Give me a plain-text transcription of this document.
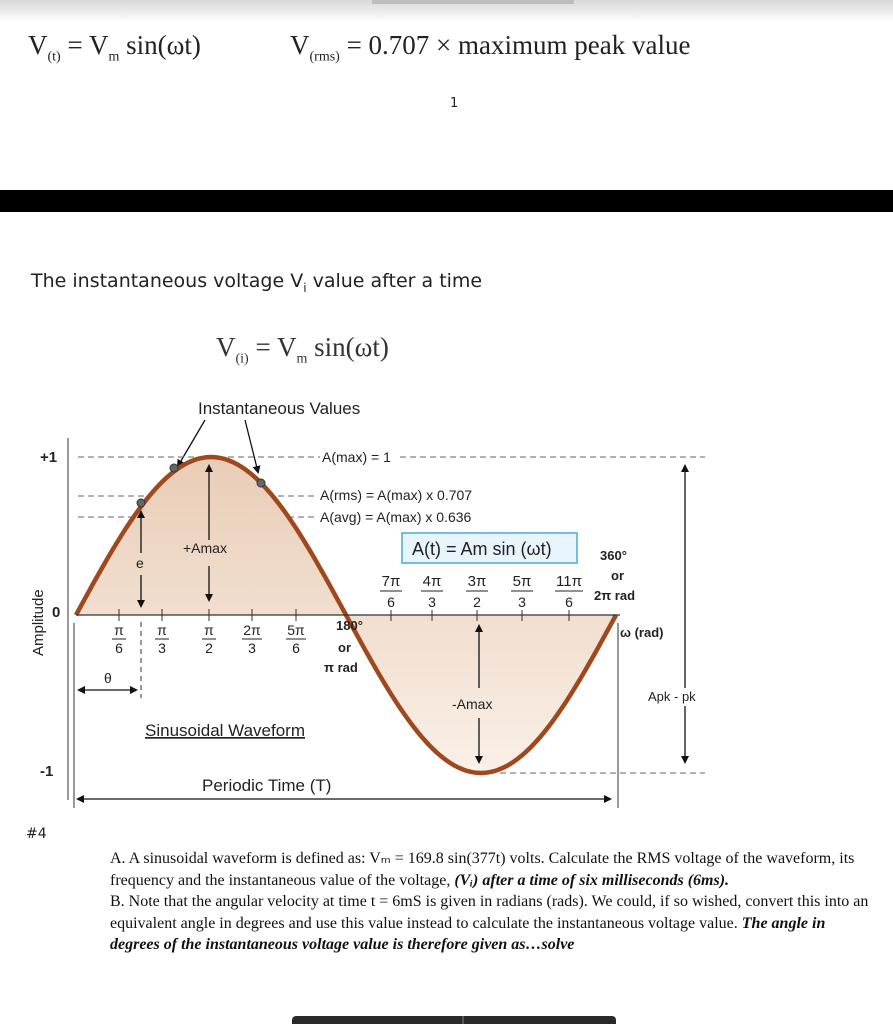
$V_{(t)} = V_m$ sin(ωt)	$V_{(rms)} = 0.707$ × maximum peak value
1
The instantaneous voltage $V_i$ value after a time
$V_{(i)} = V_m$ sin(ωt)
Instantaneous Values
+1
0
-1
Amplitude
A(max) = 1
A(rms) = A(max) x 0.707
A(avg) = A(max) x 0.636
A(t) = Am sin (ωt)
+Amax
e
π
6
π
3
π
2
2π
3
5π
6
180°
or
π rad
7π
6
4π
3
3π
2
5π
3
11π
6
360°
or
2π rad
ω (rad)
-Amax
θ
Apk - pk
Sinusoidal Waveform
Periodic Time (T)
#4

A. A sinusoidal waveform is defined as: Vₘ = 169.8 sin(377t) volts. Calculate the RMS voltage of the waveform, its frequency and the instantaneous value of the voltage, (Vᵢ) after a time of six milliseconds (6ms).

B. Note that the angular velocity at time t = 6mS is given in radians (rads). We could, if so wished, convert this into an equivalent angle in degrees and use this value instead to calculate the instantaneous voltage value. The angle in degrees of the instantaneous voltage value is therefore given as…solve
